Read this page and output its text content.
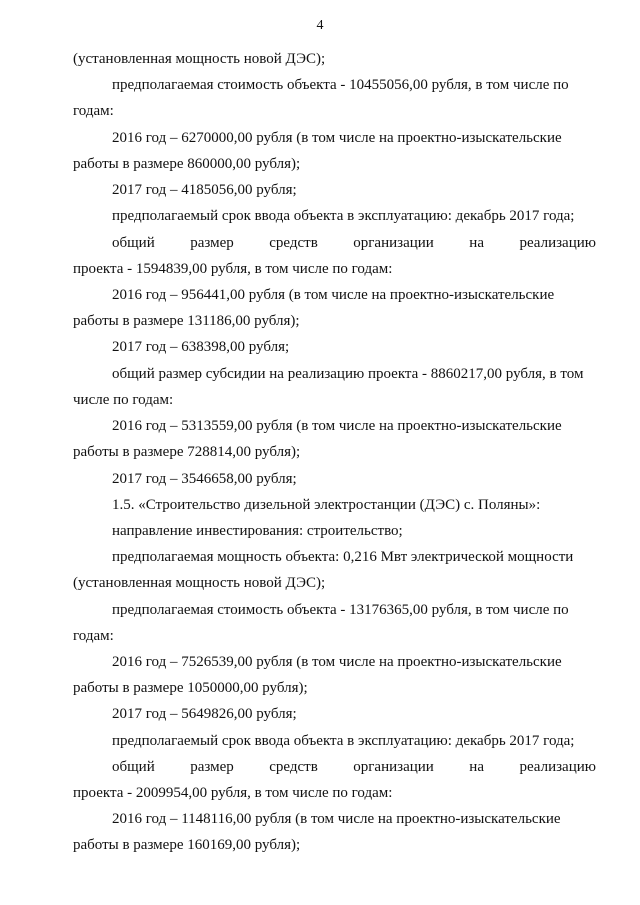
4
(установленная мощность новой ДЭС);
предполагаемая стоимость объекта - 10455056,00 рубля, в том числе по
годам:
2016 год – 6270000,00 рубля (в том числе на проектно-изыскательские
работы в размере 860000,00 рубля);
2017 год – 4185056,00 рубля;
предполагаемый срок ввода объекта в эксплуатацию: декабрь 2017 года;
общий размер средств организации на реализацию
проекта - 1594839,00 рубля, в том числе по годам:
2016 год – 956441,00 рубля (в том числе на проектно-изыскательские
работы в размере 131186,00 рубля);
2017 год – 638398,00 рубля;
общий размер субсидии на реализацию проекта - 8860217,00 рубля, в том
числе по годам:
2016 год – 5313559,00 рубля (в том числе на проектно-изыскательские
работы в размере 728814,00 рубля);
2017 год – 3546658,00 рубля;
1.5. «Строительство дизельной электростанции (ДЭС) с. Поляны»:
направление инвестирования: строительство;
предполагаемая мощность объекта: 0,216 Мвт электрической мощности
(установленная мощность новой ДЭС);
предполагаемая стоимость объекта - 13176365,00 рубля, в том числе по
годам:
2016 год – 7526539,00 рубля (в том числе на проектно-изыскательские
работы в размере 1050000,00 рубля);
2017 год – 5649826,00 рубля;
предполагаемый срок ввода объекта в эксплуатацию: декабрь 2017 года;
общий размер средств организации на реализацию
проекта - 2009954,00 рубля, в том числе по годам:
2016 год – 1148116,00 рубля (в том числе на проектно-изыскательские
работы в размере 160169,00 рубля);
